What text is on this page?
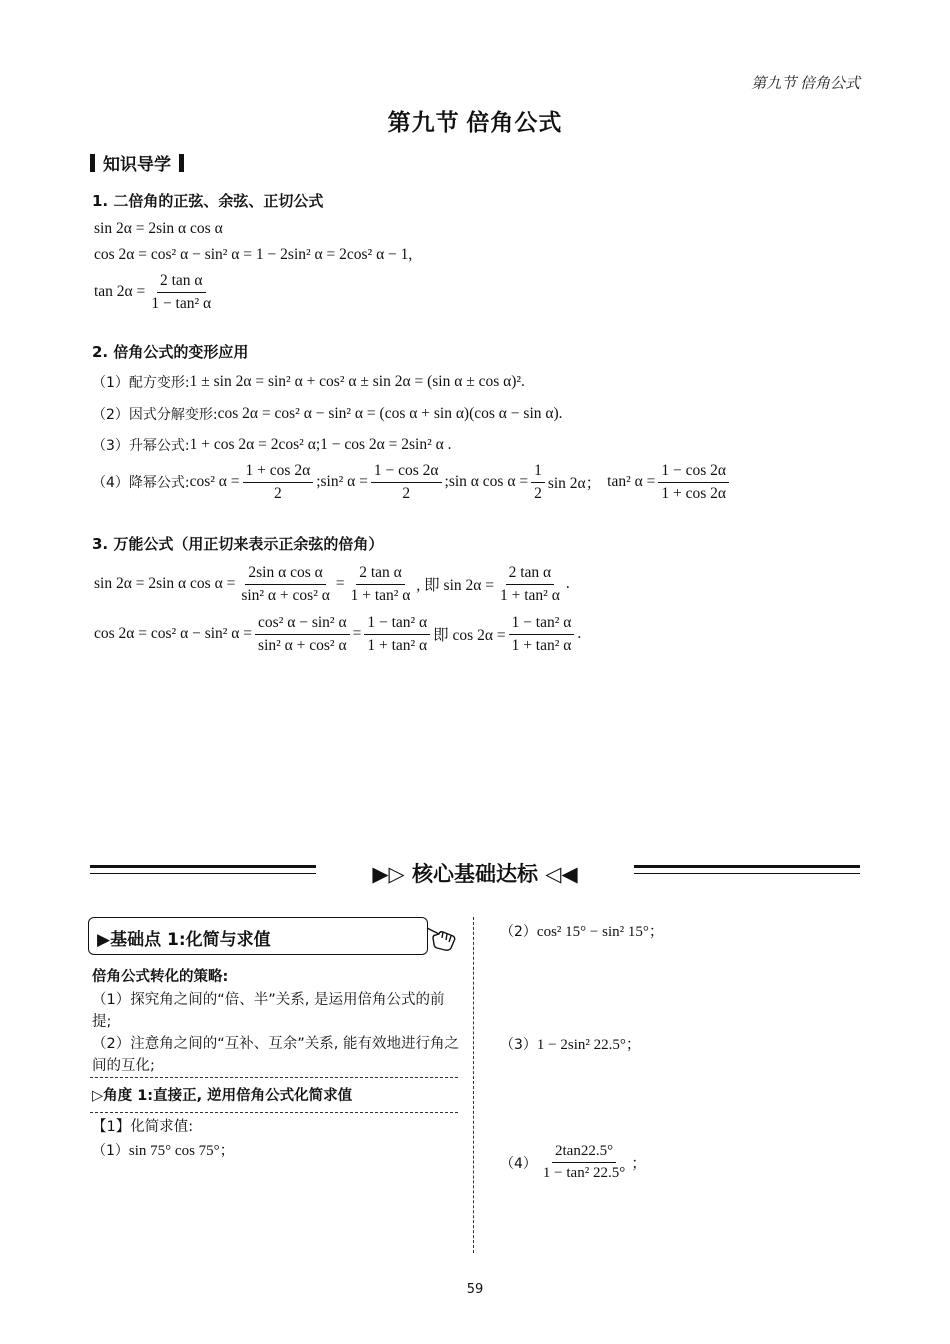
第九节 倍角公式
第九节 倍角公式
知识导学
1. 二倍角的正弦、余弦、正切公式
sin 2α = 2sin α cos α
cos 2α = cos² α − sin² α = 1 − 2sin² α = 2cos² α − 1,
$\tan 2\alpha = \frac{\text{2 tan α}}{\text{1 − tan² α}}$
2. 倍角公式的变形应用
（1）配方变形: 1 ± sin 2α = sin² α + cos² α ± sin 2α = (sin α ± cos α)².
（2）因式分解变形: cos 2α = cos² α − sin² α = (cos α + sin α)(cos α − sin α).
（3）升幂公式: 1 + cos 2α = 2cos² α;1 − cos 2α = 2sin² α .
（4）降幂公式: cos² $\alpha = \frac{1 + \cos 2\alpha}{2}$ ;sin² $\alpha = \frac{1 - \cos 2\alpha}{2}$ ;sin α $\cos \alpha = \frac{1}{2}$ sin 2α； tan² $\alpha = \frac{1 - \cos 2\alpha}{1 + \cos 2\alpha}$
3. 万能公式（用正切来表示正余弦的倍角）
sin 2α = 2sin α $\cos \alpha = \frac{\text{2sin α cos α}}{\text{sin² α + cos² α}} = \frac{\text{2 tan α}}{\text{1 + tan² α}}$ , 即 $\sin 2\alpha = \frac{\text{2 tan α}}{\text{1 + tan² α}}$ .
cos 2α = cos² α − sin² $\alpha = \frac{\text{cos² α − sin² α}}{\text{sin² α + cos² α}} = \frac{\text{1 − tan² α}}{\text{1 + tan² α}}$ 即 $\cos 2\alpha = \frac{\text{1 − tan² α}}{\text{1 + tan² α}}$ .
▶▷ 核心基础达标 ◁◀
▶基础点 1:化简与求值
倍角公式转化的策略:
（1）探究角之间的“倍、半”关系, 是运用倍角公式的前提;
（2）注意角之间的“互补、互余”关系, 能有效地进行角之间的互化;
▷角度 1:直接正, 逆用倍角公式化简求值
【1】化简求值:
（1） sin 75° cos 75°；
（2） cos² 15° − sin² 15°；
（3） 1 − 2sin² 22.5°；
$(4) \frac{2\tan 22.5^\circ}{\text{1 − tan² 22.5°}}$ ；
59
